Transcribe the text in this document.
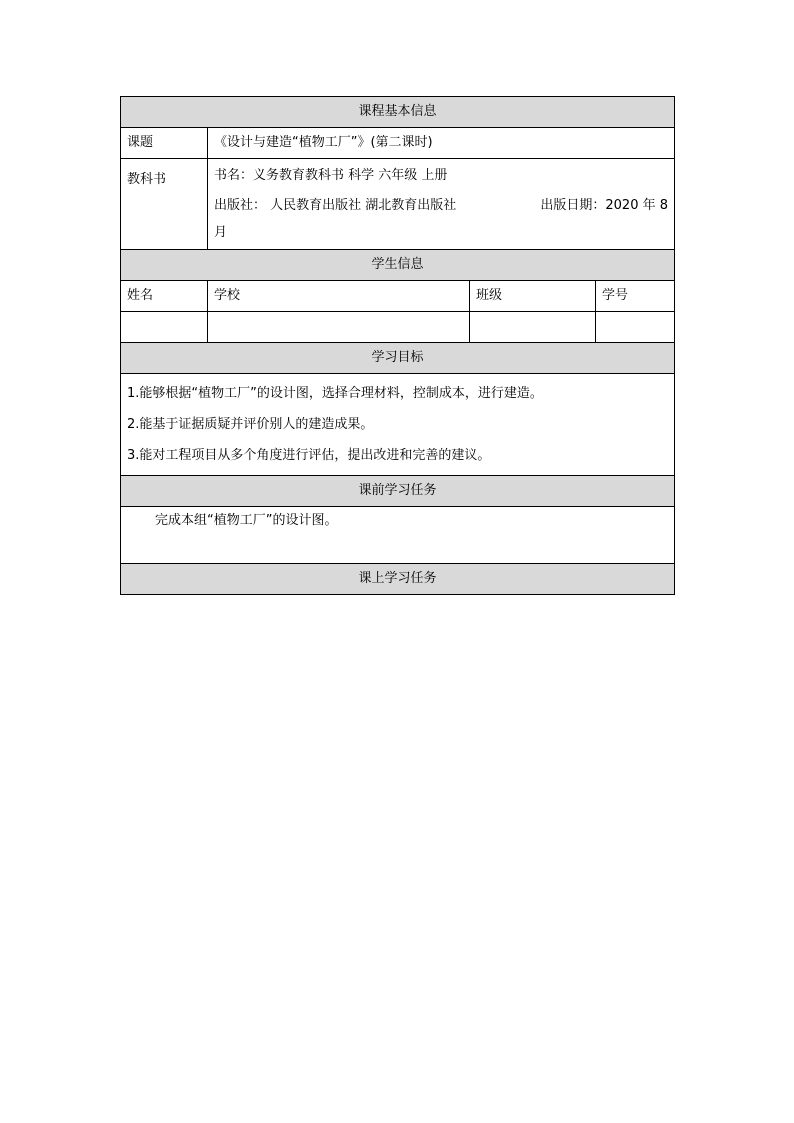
课程基本信息			
课题	《设计与建造“植物工厂”》(第二课时)		
教科书	书名：义务教育教科书 科学 六年级 上册
出版社： 人民教育出版社 湖北教育出版社 出版日期：2020 年 8
月		

学生信息			
姓名	学校	班级	学号

学习目标			

1.能够根据“植物工厂”的设计图，选择合理材料，控制成本，进行建造。
2.能基于证据质疑并评价别人的建造成果。
3.能对工程项目从多个角度进行评估，提出改进和完善的建议。			

课前学习任务			
完成本组“植物工厂”的设计图。			
课上学习任务			
